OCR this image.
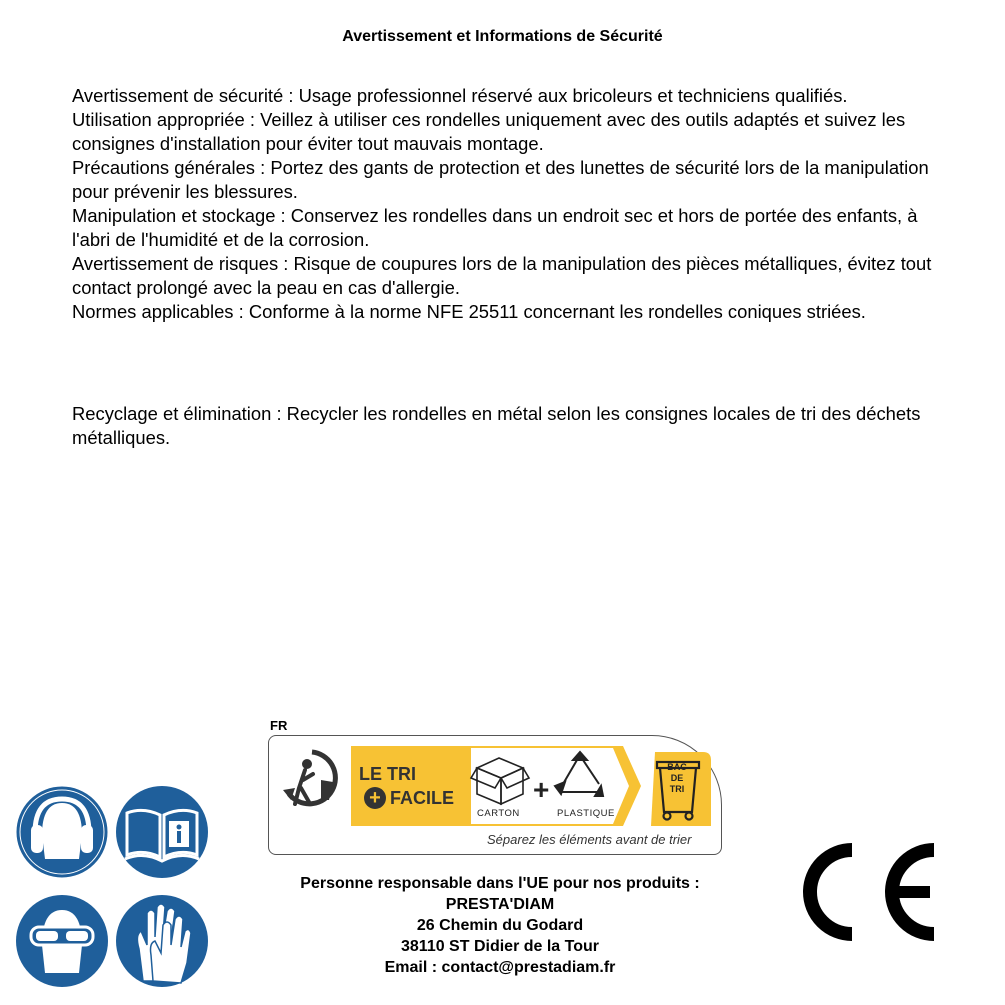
Avertissement et Informations de Sécurité

Avertissement de sécurité : Usage professionnel réservé aux bricoleurs et techniciens qualifiés.

Utilisation appropriée : Veillez à utiliser ces rondelles uniquement avec des outils adaptés et suivez les consignes d'installation pour éviter tout mauvais montage.

Précautions générales : Portez des gants de protection et des lunettes de sécurité lors de la manipulation pour prévenir les blessures.

Manipulation et stockage : Conservez les rondelles dans un endroit sec et hors de portée des enfants, à l'abri de l'humidité et de la corrosion.

Avertissement de risques : Risque de coupures lors de la manipulation des pièces métalliques, évitez tout contact prolongé avec la peau en cas d'allergie.

Normes applicables : Conforme à la norme NFE 25511 concernant les rondelles coniques striées.

Recyclage et élimination : Recycler les rondelles en métal selon les consignes locales de tri des déchets métalliques.

FR
LE TRI
+ FACILE
CARTON
+
PLASTIQUE
BAC
DE
TRI
Séparez les éléments avant de trier
Personne responsable dans l'UE pour nos produits :
PRESTA'DIAM
26 Chemin du Godard
38110 ST Didier de la Tour
Email : contact@prestadiam.fr
